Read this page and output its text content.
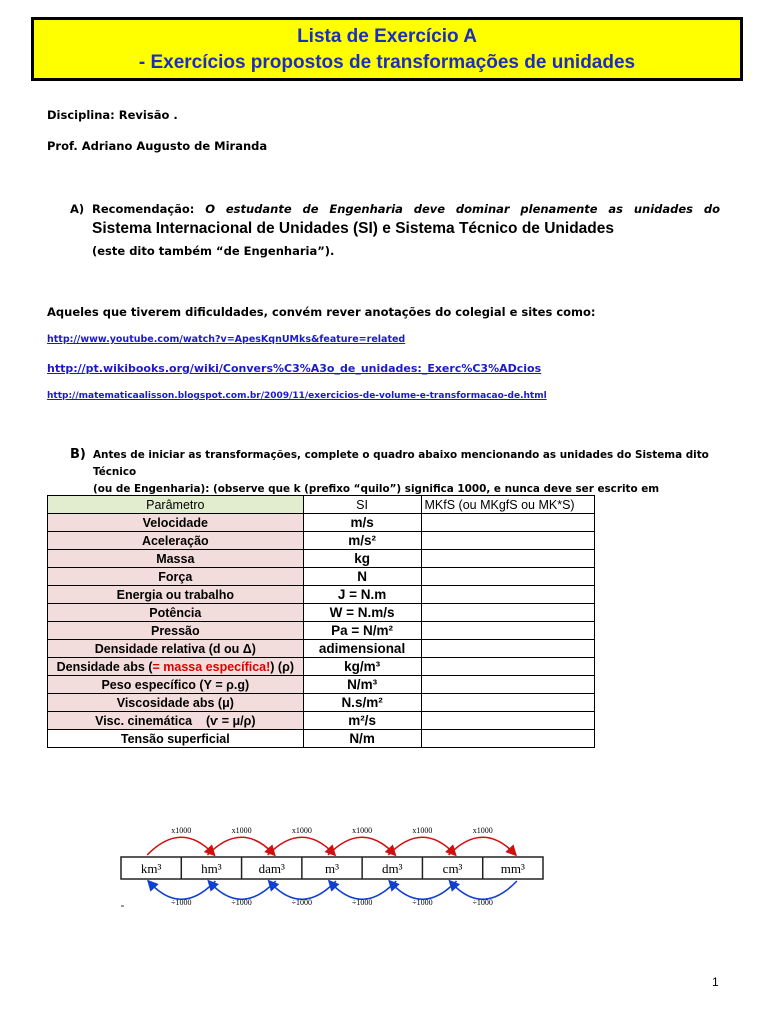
Lista de Exercício A
- Exercícios propostos de transformações de unidades
Disciplina: Revisão .
Prof. Adriano Augusto de Miranda
A) Recomendação: O estudante de Engenharia deve dominar plenamente as unidades do
Sistema Internacional de Unidades (SI) e Sistema Técnico de Unidades
(este dito também “de Engenharia”).
Aqueles que tiverem dificuldades, convém rever anotações do colegial e sites como:
http://www.youtube.com/watch?v=ApesKqnUMks&feature=related
http://pt.wikibooks.org/wiki/Convers%C3%A3o_de_unidades:_Exerc%C3%ADcios
http://matematicaalisson.blogspot.com.br/2009/11/exercicios-de-volume-e-transformacao-de.html
B) Antes de iniciar as transformações, complete o quadro abaixo mencionando as unidades do Sistema dito Técnico
(ou de Engenharia): (observe que k (prefixo “quilo”) significa 1000, e nunca deve ser escrito em
Parâmetro	SI	MKfS (ou MKgfS ou MK*S)
Velocidade	m/s	
Aceleração	m/s²	
Massa	kg	
Força	N	
Energia ou trabalho	J = N.m	
Potência	W = N.m/s	
Pressão	Pa = N/m²	
Densidade relativa (d ou Δ)	adimensional	
Densidade abs (= massa específica!) (ρ)	kg/m³	
Peso específico (Υ = ρ.g)	N/m³	
Viscosidade abs (μ)	N.s/m²	
Visc. cinemática    (ѵ = μ/ρ)	m²/s	
Tensão superficial	N/m	
km³	hm³	dam³	m³	dm³	cm³	mm³
x1000
÷1000
x1000
÷1000
x1000
÷1000
x1000
÷1000
x1000
÷1000
x1000
÷1000
1
